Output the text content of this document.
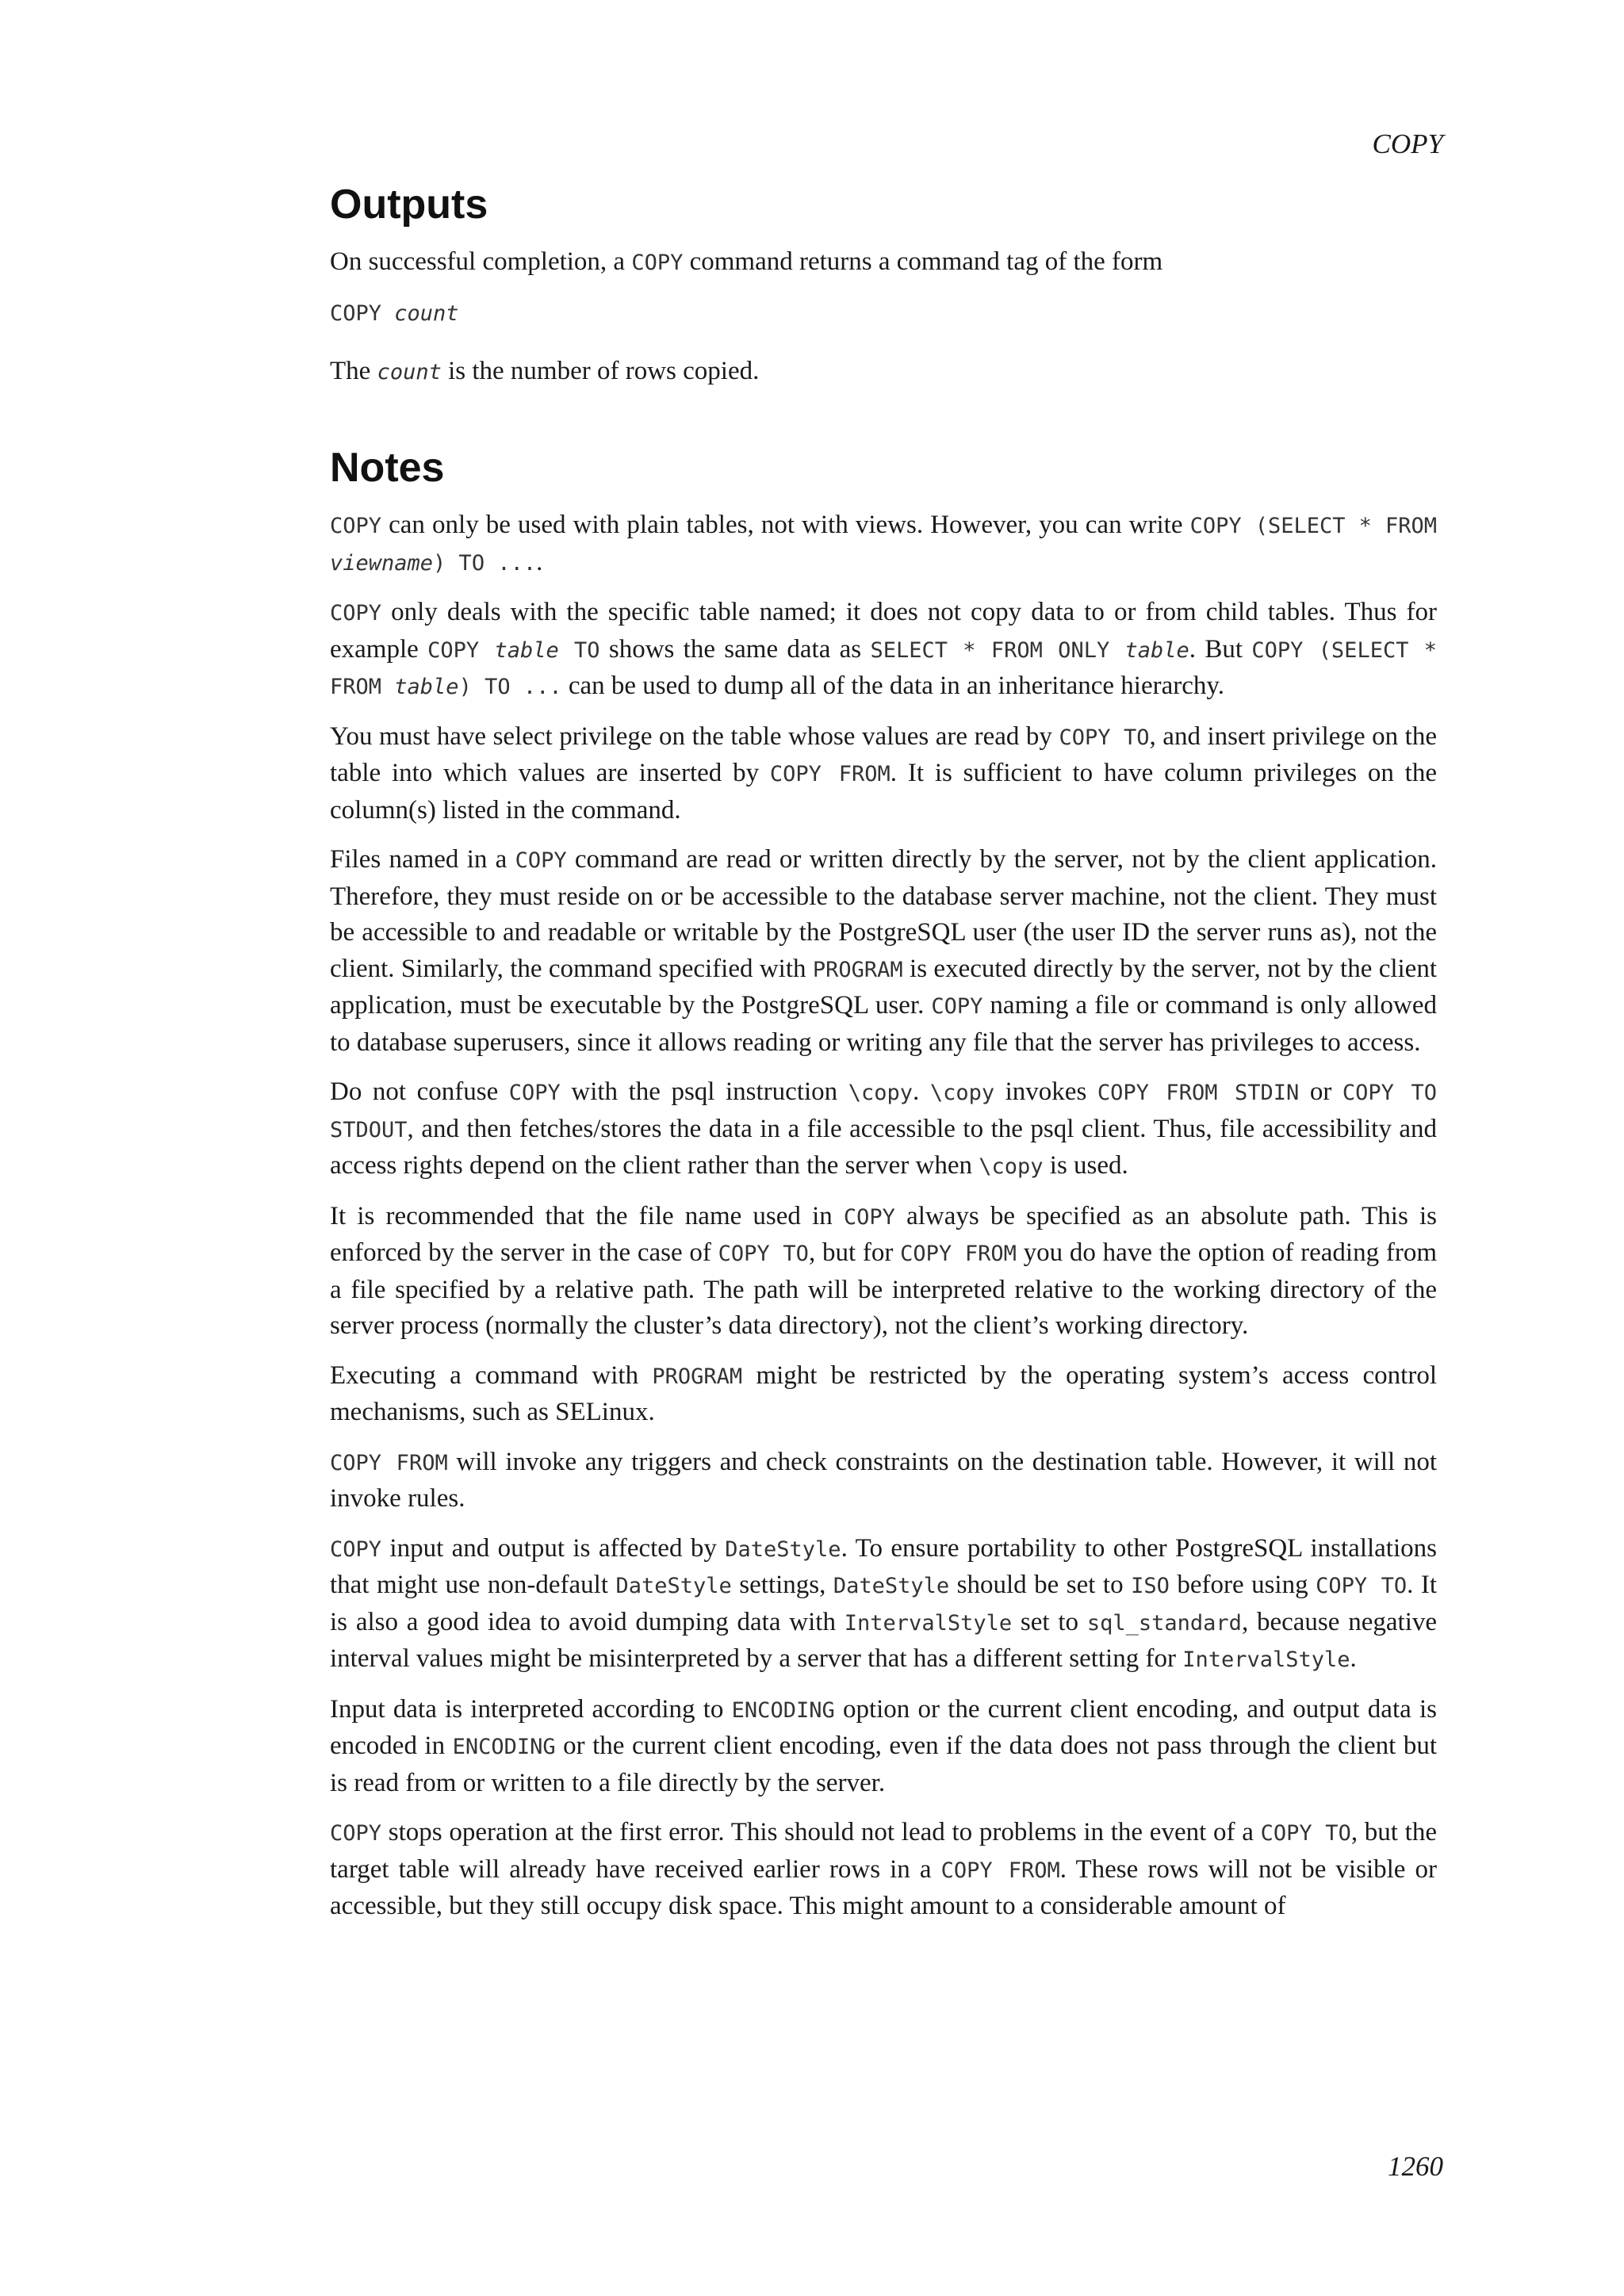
COPY

Outputs

On successful completion, a COPY command returns a command tag of the form

COPY count

The count is the number of rows copied.

Notes

COPY can only be used with plain tables, not with views. However, you can write COPY (SELECT * FROM viewname) TO ....

COPY only deals with the specific table named; it does not copy data to or from child tables. Thus for example COPY table TO shows the same data as SELECT * FROM ONLY table. But COPY (SELECT * FROM table) TO ... can be used to dump all of the data in an inheritance hierarchy.

You must have select privilege on the table whose values are read by COPY TO, and insert privilege on the table into which values are inserted by COPY FROM. It is sufficient to have column privileges on the column(s) listed in the command.

Files named in a COPY command are read or written directly by the server, not by the client application. Therefore, they must reside on or be accessible to the database server machine, not the client. They must be accessible to and readable or writable by the PostgreSQL user (the user ID the server runs as), not the client. Similarly, the command specified with PROGRAM is executed directly by the server, not by the client application, must be executable by the PostgreSQL user. COPY naming a file or command is only allowed to database superusers, since it allows reading or writing any file that the server has privileges to access.

Do not confuse COPY with the psql instruction \copy. \copy invokes COPY FROM STDIN or COPY TO STDOUT, and then fetches/stores the data in a file accessible to the psql client. Thus, file accessibility and access rights depend on the client rather than the server when \copy is used.

It is recommended that the file name used in COPY always be specified as an absolute path. This is enforced by the server in the case of COPY TO, but for COPY FROM you do have the option of reading from a file specified by a relative path. The path will be interpreted relative to the working directory of the server process (normally the cluster’s data directory), not the client’s working directory.

Executing a command with PROGRAM might be restricted by the operating system’s access control mechanisms, such as SELinux.

COPY FROM will invoke any triggers and check constraints on the destination table. However, it will not invoke rules.

COPY input and output is affected by DateStyle. To ensure portability to other PostgreSQL installations that might use non-default DateStyle settings, DateStyle should be set to ISO before using COPY TO. It is also a good idea to avoid dumping data with IntervalStyle set to sql_standard, because negative interval values might be misinterpreted by a server that has a different setting for IntervalStyle.

Input data is interpreted according to ENCODING option or the current client encoding, and output data is encoded in ENCODING or the current client encoding, even if the data does not pass through the client but is read from or written to a file directly by the server.

COPY stops operation at the first error. This should not lead to problems in the event of a COPY TO, but the target table will already have received earlier rows in a COPY FROM. These rows will not be visible or accessible, but they still occupy disk space. This might amount to a considerable amount of

1260
